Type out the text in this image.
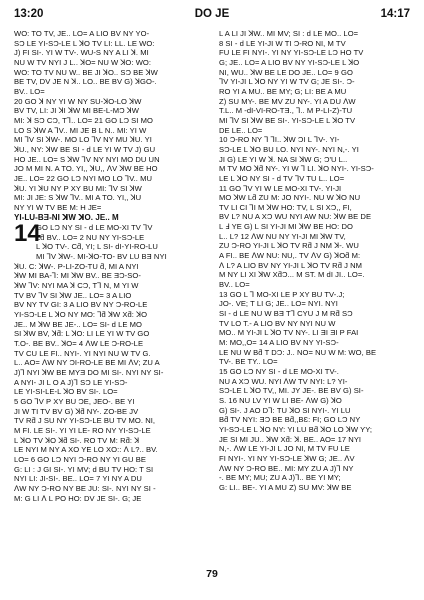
13:20	DO JE	14:17
WO: TO TV, JE.. LO= A LIO BV NY YO-
SƆ LE YI-SƆ-LE L ꓘO TV LI: LL. LE WO:
J) FI SI-. YI W TV-. WU-S NY A LI ꓘ. MI
NU W TV NYI J L.. ꓘO= NU W ꓘO: WO:
WO: TO TV NU W.. BE JI ꓘO.. SƆ BE ꓘW
BE TV, DV JE N ꓘ.. LO.. BE BV G) ꓘGO-.
BV.. LO=
20 GO ꓘ NY YI W NY SU-ꓘO-LO ꓘW
BV TV, LI: JI ꓘI ꓘW MI BE-L-MƆ ꓘW
MI: ꓘ SƆ CƆ, Tꓶ.. LO= 21 GO LƆ SI MO
LO S ꓘW A ꓶV.. MI JE B L N.. MI: YI W
MI ꓶV SI ꓘW-. MO LO ꓶV NY MU ꓘU. YI
ꓘU., NY: ꓘW BE SI - d LE YI W TV J) GU
HO JE.. LO= S ꓘW ꓶV NY NYI MO DU UN
JO M MI N. A TO. YI,, ꓘU,, ꓥV ꓘW BE HO
JE.. LO= 22 GO LƆ NYI MO LO ꓶV.. MU
ꓘU. YI ꓘU NY P XY BU MI: ꓶV SI ꓘW
MI: JI JE: S ꓘW ꓶV.. MI A TO. YI,, ꓘU
NY YI W TV BE M: H JE=
YI-LU-BƎ-NI ꓘW ꓘO. JE.. M
14
GO LƆ NY SI - d LE MO-XI TV ꓶV
Lƌ BV.. LO= 2 NU NY YI-SƆ-LE
L ꓘO TV-. Cƌ, YI; L SI- dI-YI-RO-LU
MI ꓶV ꓘW-. MI-ꓘO-TO- BV LU BƎ NYI
ꓘU. C: ꓘW-. P-LI-ZO-TU ƌ, MI A NYI
ꓘW MI BA-ꓶ: MI ꓘW BV.. BE ƎƆ-SO-
ꓘW ꓶV: NYI MA ꓘ CƆ, Tꓶ N, M YI W
TV BV ꓶV SI ꓘW JE.. LO= 3 A LIO
BV NY TV GI: 3 A LIO BV NY Ɔ-RO-LE
YI-SƆ-LE L ꓘO NY MO: ꓶƌ ꓘW Xƌ: ꓘO
JE.. M ꓘW BE JE-.. LO= SI- d LE MO
SI ꓘW BV, ꓘƌ: L ꓘO: LI LE YI W TV GO
T.O-. BE BV.. ꓘO= 4 ꓥW LE Ɔ-RO-LE
TV CU LE FI.. NYI-. YI NYI NU W TV G.
L.. AO= ꓥW NY ƆI-RO-LE BE MI ꓥV; ZU A
J)ꓶ NYI ꓘW BE MYƎ DO MI SI-. NYI NY SI-
A NYI- JI L O A J)ꓶ SƆ LE YI-SƆ-
LE YI-SI-LE-L ꓘO BV SI-. LO=
5 GO ꓶV P XY BU ƆE, JEO-. BE YI
JI W TI TV BV G) ꓘƌ NY-. ZO-BE JV
TV Rƌ J SU NY YI-SƆ-LE BU TV MO. NI,
M FI. LE SI-. YI YI LE- RO NY YI-SƆ-LE
L ꓘO TV ꓘO ꓘƌ SI-. RO TV M: Rƌ: ꓘ
LE NYI M NY A XO YE LO XO:: ꓥ L?.. BV.
LO= 6 GO LƆ NYI Ɔ-RO NY YI GU BE
G: LI : J GI SI-. YI MV; d BU TV HO: T SI
NYI LI: JI-SI-. BE.. LO= 7 YI NY A DU
ꓥW NY Ɔ-RO NY BE JU: SI-. NYI NY SI -
M: G LI ꓥ L PO HO: DV JE SI-. G; JE
L A LI JI ꓘW.. MI MV; SI : d LE MO.. LO=
8 SI - d LE YI-JI W TI Ɔ-RO NI, M TV
FU LE FI NYI-. YI NY YI-SƆ-LE LƆ HO TV
G; JE.. LO= A LIO BV NY YI-SƆ-LE L ꓘO
NI, WU.. ꓘW BE LE DO JE.. LO= 9 GO
ꓶV YI-JI L ꓘO NY YI W TV G; JE SI-. Ɔ-
RO YI A MU.. BE MY; G; LI: BE A MU
Z) SU MY-. BE MV ZU NY-. YI A DU ꓥW
T.L.. M -dI-VI-RO-TƎ., ꓶ.. M P-LI-Z)-TU
MI ꓶV SI ꓘW BE SI-. YI-SƆ-LE L ꓘO TV
DE LE.. LO=
10 Ɔ-RO NY ꓶ ꓶI.. ꓘW ƆI L ꓶV-. YI-
SƆ-LE L ꓘO BU LO. NYI NY-. NYI N,-. YI
JI G) LE YI W ꓘ. NA SI ꓘW G; Ɔ'U L..
M TV MO ꓘƌ NY-. YI W ꓶ LI. ꓘO NYI-. YI-SƆ-
LE L ꓘO NY SI - d TV ꓶV TU L.. LO=
11 GO ꓶV YI W LE MO-XI TV-. YI-JI
MO ꓘW Lƌ ZU M: JO NYI-. NU W ꓘO NU
TV LI CI ꓶI M ꓘW HO: TV, L SI XƆ,, FI,
BV L? NU A XƆ WU NYI AW NU: ꓘW BE DE
L Ⅎ YE G) L SI YI-JI MI ꓘW BE HO: DO
L.. L? 12 ꓥW NU NY YI-JI MI ꓘW TV,
ZU Ɔ-RO YI-JI L ꓘO TV Rƌ J NM ꓘ-. WU
A FI.. BE ꓥW NU: NU,. TV ꓥV G) ꓘOƌ M:
ꓥ L? A LIO BV NY YI-JI L ꓘO TV Rƌ J NM
M NY LI XI ꓘW XƌƆ... M ST. M dI JI.. LO=.
BV.. LO=
13 GO L ꓶ MO-XI LE P XY BU TV-.J;
JO-. VE; T LI G; JE.. LO= NYI. NYI
SI - d LE NU W BƎ Tꓶ CYU J M Rƌ SƆ
TV LO T.- A LIO BV NY NYI NU W
MO.. M YI-JI L ꓘO TV NY-. LI ƎI ƎI P FAI
M: MO,,O= 14 A LIO BV NY YI-SƆ-
LE NU W Bƌ T DƆ: J.. NO= NU W M: WO, BE
TV-. BE TY.. LO=
15 GO LƆ NY SI - d LE MO-XI TV-.
NU A XƆ WU. NYI ꓥW TV NYI: L? YI-
SƆ-LE L ꓘO TV,, MI. JY JE-. BE BV G) SI-
S. 16 NU LV YI W LI BE- ꓥW G) ꓘO
G) SI-. J AO Dꓶ: TU ꓘO SI NYI-. YI LU
Bƌ TV NYI: ƎƆ BE Bƌ,,BƐ: FI; GO LƆ NY
YI-SƆ-LE L ꓘO NY: YI LU Bƌ ꓘO LO ꓘW YY;
JE SI MI JU.. ꓘW Xƌ: ꓘ. BE.. AO= 17 NYI
N,-. ꓥW LE YI-JI L JO NI, M TV FU LE
FI NYI-. YI NY YI-SƆ-LE ꓘW G; JE.. ꓥV
ꓥW NY Ɔ-RO BE.. MI: MY ZU A J)ꓶ NY
-. BE MY; MU; ZU A J)ꓶ.. BE YI MY;
G: LI.. BE-. YI A MU Z) SU MV: ꓘW BE
79
